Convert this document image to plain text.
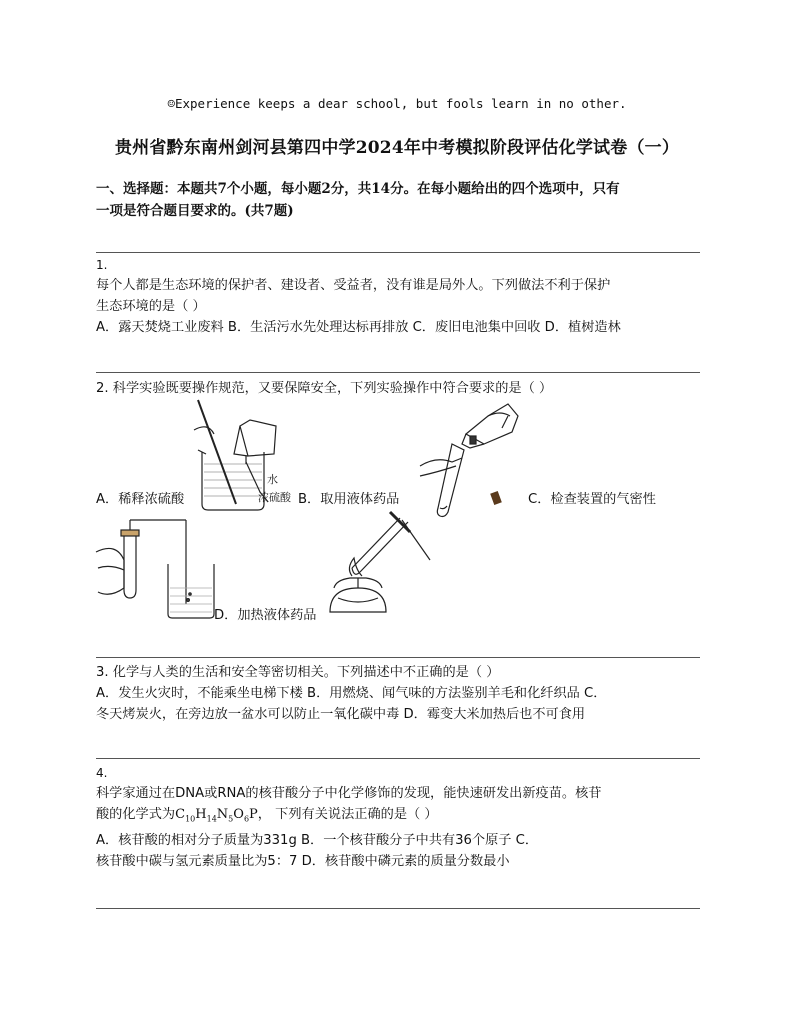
☺Experience keeps a dear school, but fools learn in no other.
贵州省黔东南州剑河县第四中学2024年中考模拟阶段评估化学试卷（一）
一、选择题：本题共7个小题，每小题2分，共14分。在每小题给出的四个选项中，只有
一项是符合题目要求的。(共7题)
1.
每个人都是生态环境的保护者、建设者、受益者，没有谁是局外人。下列做法不利于保护
生态环境的是（ ）
A．露天焚烧工业废料 B．生活污水先处理达标再排放 C．废旧电池集中回收 D．植树造林
2. 科学实验既要操作规范，又要保障安全，下列实验操作中符合要求的是（ ）
水
浓硫酸
A．稀释浓硫酸	B．取用液体药品	C．检查装置的气密性
D．加热液体药品
3. 化学与人类的生活和安全等密切相关。下列描述中不正确的是（ ）
A．发生火灾时，不能乘坐电梯下楼 B．用燃烧、闻气味的方法鉴别羊毛和化纤织品 C．
冬天烤炭火，在旁边放一盆水可以防止一氧化碳中毒 D．霉变大米加热后也不可食用
4.
科学家通过在DNA或RNA的核苷酸分子中化学修饰的发现，能快速研发出新疫苗。核苷
酸的化学式为$C_{10}H_{14}N_5O_6P$， 下列有关说法正确的是（ ）
A．核苷酸的相对分子质量为331g B．一个核苷酸分子中共有36个原子 C．
核苷酸中碳与氢元素质量比为5：7 D．核苷酸中磷元素的质量分数最小
